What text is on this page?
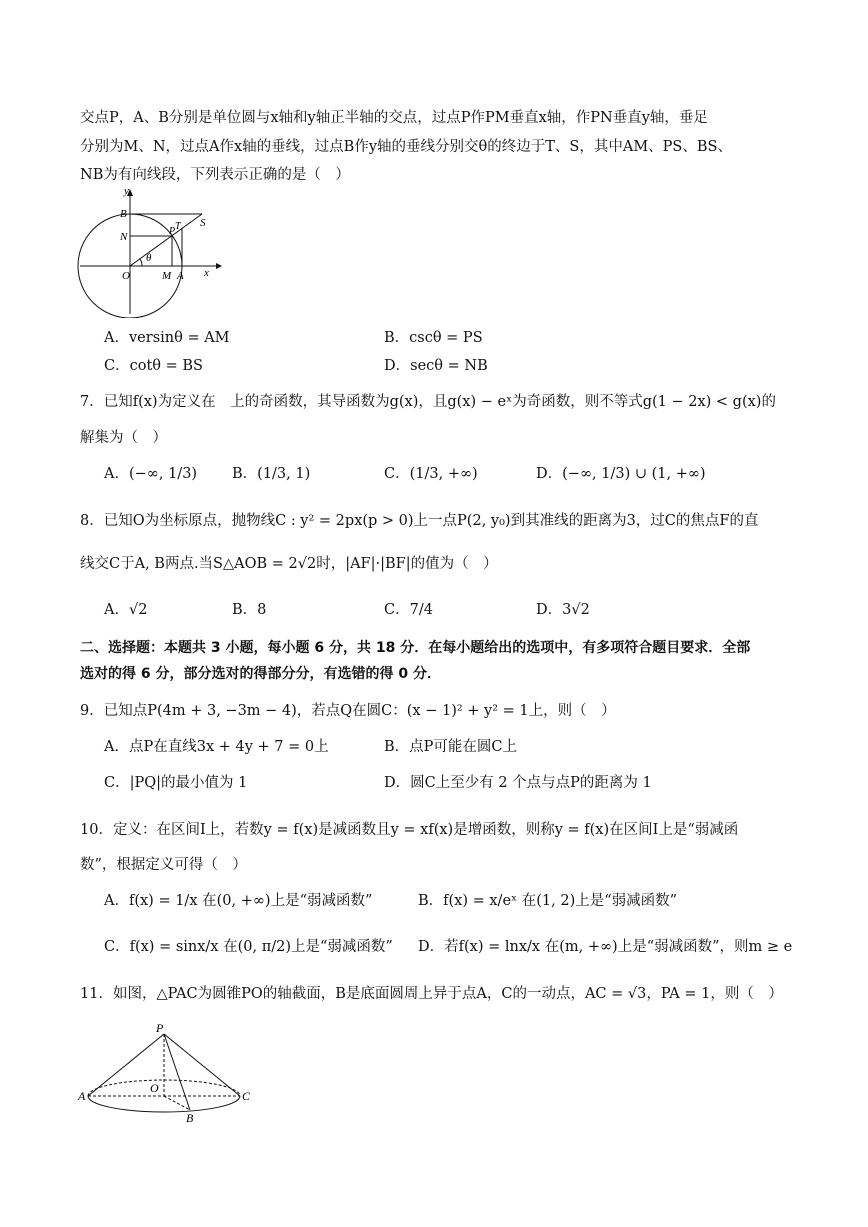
交点P，A、B分别是单位圆与x轴和y轴正半轴的交点，过点P作PM垂直x轴，作PN垂直y轴，垂足
分别为M、N，过点A作x轴的垂线，过点B作y轴的垂线分别交θ的终边于T、S，其中AM、PS、BS、
NB为有向线段，下列表示正确的是（　）
y
x
B
S
T
P
N
θ
O	M A
A．versinθ = AM	B．cscθ = PS
C．cotθ = BS	D．secθ = NB
7．已知f(x)为定义在　上的奇函数，其导函数为g(x)，且g(x) − eˣ为奇函数，则不等式g(1 − 2x) < g(x)的
解集为（　）
A．(−∞, 1/3) B．(1/3, 1)	C．(1/3, +∞)	D．(−∞, 1/3) ∪ (1, +∞)
8．已知O为坐标原点，抛物线C : y² = 2px(p > 0)上一点P(2, y₀)到其准线的距离为3，过C的焦点F的直
线交C于A, B两点.当S△AOB = 2√2时，|AF|·|BF|的值为（　）
A．√2	B．8	C．7/4	D．3√2
二、选择题：本题共 3 小题，每小题 6 分，共 18 分．在每小题给出的选项中，有多项符合题目要求．全部
选对的得 6 分，部分选对的得部分分，有选错的得 0 分．
9．已知点P(4m + 3, −3m − 4)，若点Q在圆C：(x − 1)² + y² = 1上，则（　）
A．点P在直线3x + 4y + 7 = 0上	B．点P可能在圆C上
C．|PQ|的最小值为 1	D．圆C上至少有 2 个点与点P的距离为 1
10．定义：在区间I上，若数y = f(x)是减函数且y = xf(x)是增函数，则称y = f(x)在区间I上是“弱减函
数”，根据定义可得（　）
A．f(x) = 1/x 在(0, +∞)上是“弱减函数”	B．f(x) = x/eˣ 在(1, 2)上是“弱减函数”
C．f(x) = sinx/x 在(0, π/2)上是“弱减函数” D．若f(x) = lnx/x 在(m, +∞)上是“弱减函数”，则m ≥ e
11．如图，△PAC为圆锥PO的轴截面，B是底面圆周上异于点A，C的一动点，AC = √3，PA = 1，则（　）
P
O
A	C
B
